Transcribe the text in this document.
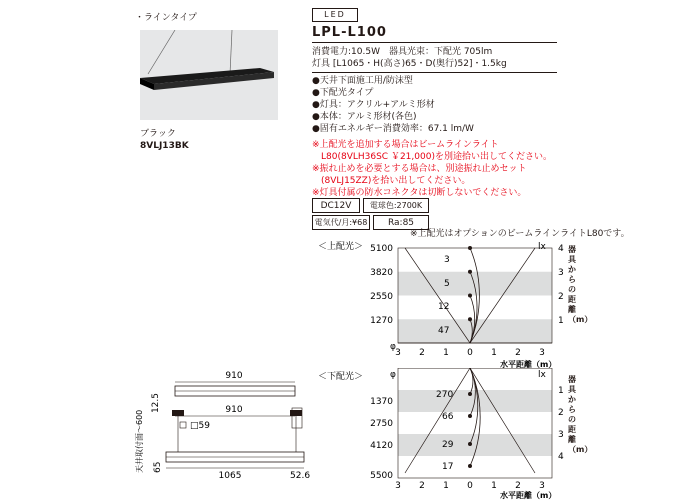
・ラインタイプ
ブラック
8VLJ13BK
LED
LPL-L100
消費電力:10.5W　器具光束：下配光 705lm
灯具 [L1065・H(高さ)65・D(奥行)52]・1.5kg
●天井下面施工用/防沫型
●下配光タイプ
●灯具：アクリル+アルミ形材
●本体：アルミ形材(各色)
●固有エネルギー消費効率：67.1 lm/W
※上配光を追加する場合はビームラインライト
　L80(8VLH36SC ￥21,000)を別途拾い出してください。
※振れ止めを必要とする場合は、別途振れ止めセット
　(8VLJ15ZZ)を拾い出してください。
※灯具付属の防水コネクタは切断しないでください。
DC12V	電球色:2700K
電気代/月:¥68	Ra:85
※上配光はオプションのビームラインライトL80です。
＜上配光＞ 5100
3820
2550
1270
φ
lx
3
5
12
47
4
3
2
1
3 2 1 0 1 2 3
水平距離（m）
器具からの距離（m）
＜下配光＞	φ	lx
1370
2750
4120
5500
270
66
29
17
1
2
3
4
3 2 1 0 1 2 3
水平距離（m）
器具からの距離（m）
910
12.5	910
□59
天井取付面〜600 65
1065	52.6
